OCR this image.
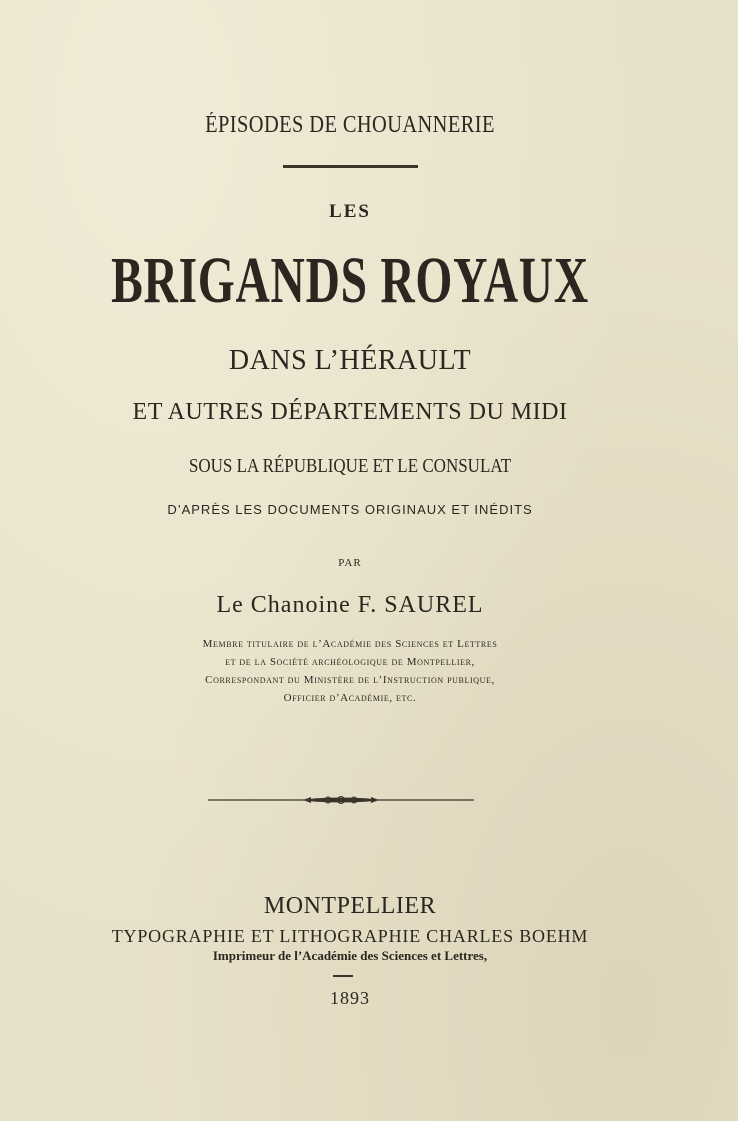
ÉPISODES DE CHOUANNERIE
LES
BRIGANDS ROYAUX
DANS L’HÉRAULT
ET AUTRES DÉPARTEMENTS DU MIDI
SOUS LA RÉPUBLIQUE ET LE CONSULAT
D’APRÈS LES DOCUMENTS ORIGINAUX ET INÉDITS
PAR
Le Chanoine F. SAUREL
Membre titulaire de l’Académie des Sciences et Lettres
et de la Société archéologique de Montpellier,
Correspondant du Ministère de l’Instruction publique,
Officier d’Académie, etc.
MONTPELLIER
TYPOGRAPHIE ET LITHOGRAPHIE CHARLES BOEHM
Imprimeur de l’Académie des Sciences et Lettres,
1893
